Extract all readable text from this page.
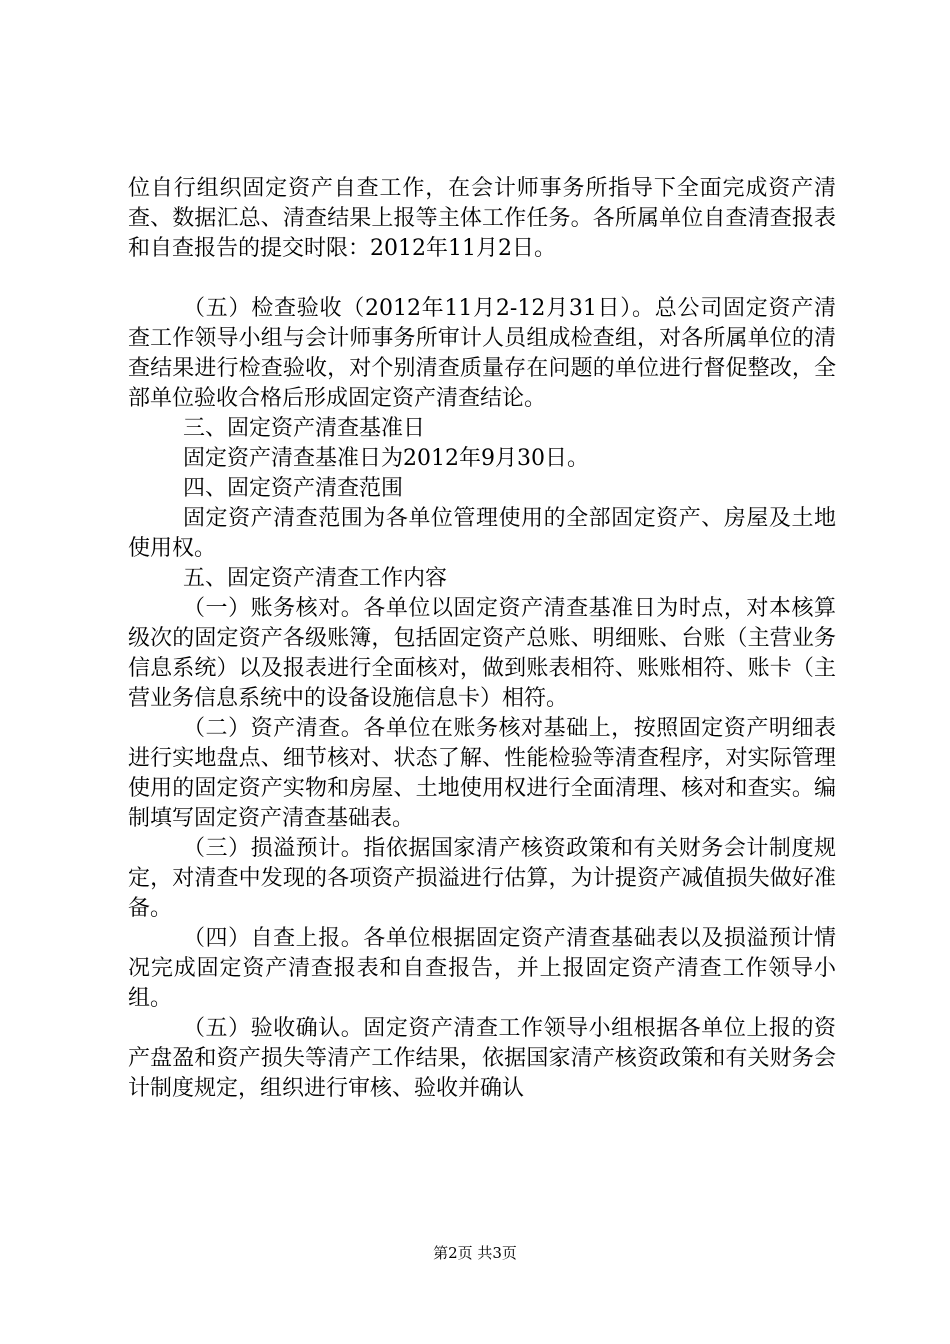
位自行组织固定资产自查工作，在会计师事务所指导下全面完成资产清查、数据汇总、清查结果上报等主体工作任务。各所属单位自查清查报表和自查报告的提交时限：2012年11月2日。

（五）检查验收（2012年11月2-12月31日）。总公司固定资产清查工作领导小组与会计师事务所审计人员组成检查组，对各所属单位的清查结果进行检查验收，对个别清查质量存在问题的单位进行督促整改，全部单位验收合格后形成固定资产清查结论。

三、固定资产清查基准日

固定资产清查基准日为2012年9月30日。

四、固定资产清查范围

固定资产清查范围为各单位管理使用的全部固定资产、房屋及土地使用权。

五、固定资产清查工作内容

（一）账务核对。各单位以固定资产清查基准日为时点，对本核算级次的固定资产各级账簿，包括固定资产总账、明细账、台账（主营业务信息系统）以及报表进行全面核对，做到账表相符、账账相符、账卡（主营业务信息系统中的设备设施信息卡）相符。

（二）资产清查。各单位在账务核对基础上，按照固定资产明细表进行实地盘点、细节核对、状态了解、性能检验等清查程序，对实际管理使用的固定资产实物和房屋、土地使用权进行全面清理、核对和查实。编制填写固定资产清查基础表。

（三）损溢预计。指依据国家清产核资政策和有关财务会计制度规定，对清查中发现的各项资产损溢进行估算，为计提资产减值损失做好准备。

（四）自查上报。各单位根据固定资产清查基础表以及损溢预计情况完成固定资产清查报表和自查报告，并上报固定资产清查工作领导小组。

（五）验收确认。固定资产清查工作领导小组根据各单位上报的资产盘盈和资产损失等清产工作结果，依据国家清产核资政策和有关财务会计制度规定，组织进行审核、验收并确认

第2页 共3页
